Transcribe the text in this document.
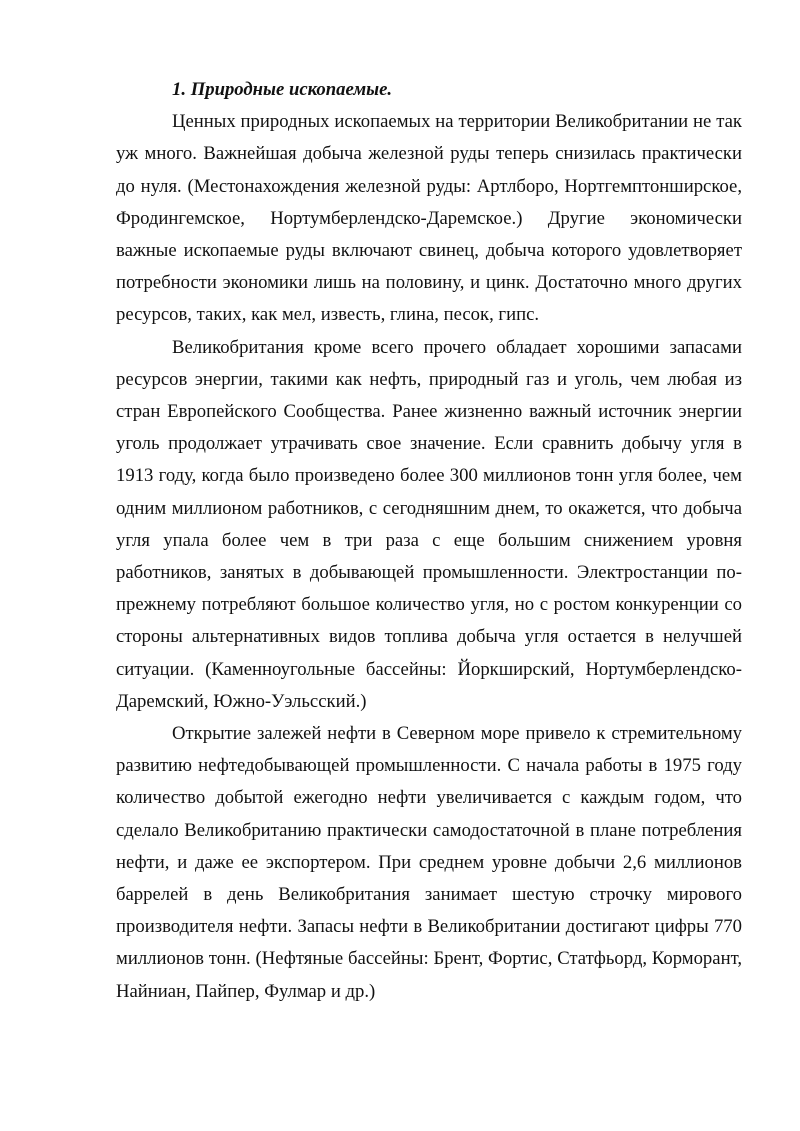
1. Природные ископаемые.

Ценных природных ископаемых на территории Великобритании не так уж много. Важнейшая добыча железной руды теперь снизилась практически до нуля. (Местонахождения железной руды: Артлборо, Нортгемптонширское, Фродингемское, Нортумберлендско-Даремское.) Другие экономически важные ископаемые руды включают свинец, добыча которого удовлетворяет потребности экономики лишь на половину, и цинк. Достаточно много других ресурсов, таких, как мел, известь, глина, песок, гипс.

Великобритания кроме всего прочего обладает хорошими запасами ресурсов энергии, такими как нефть, природный газ и уголь, чем любая из стран Европейского Сообщества. Ранее жизненно важный источник энергии уголь продолжает утрачивать свое значение. Если сравнить добычу угля в 1913 году, когда было произведено более 300 миллионов тонн угля более, чем одним миллионом работников, с сегодняшним днем, то окажется, что добыча угля упала более чем в три раза с еще большим снижением уровня работников, занятых в добывающей промышленности. Электростанции по-прежнему потребляют большое количество угля, но с ростом конкуренции со стороны альтернативных видов топлива добыча угля остается в нелучшей ситуации. (Каменноугольные бассейны: Йоркширский, Нортумберлендско-Даремский, Южно-Уэльсский.)

Открытие залежей нефти в Северном море привело к стремительному развитию нефтедобывающей промышленности. С начала работы в 1975 году количество добытой ежегодно нефти увеличивается с каждым годом, что сделало Великобританию практически самодостаточной в плане потребления нефти, и даже ее экспортером. При среднем уровне добычи 2,6 миллионов баррелей в день Великобритания занимает шестую строчку мирового производителя нефти. Запасы нефти в Великобритании достигают цифры 770 миллионов тонн. (Нефтяные бассейны: Брент, Фортис, Статфьорд, Корморант, Найниан, Пайпер, Фулмар и др.)
